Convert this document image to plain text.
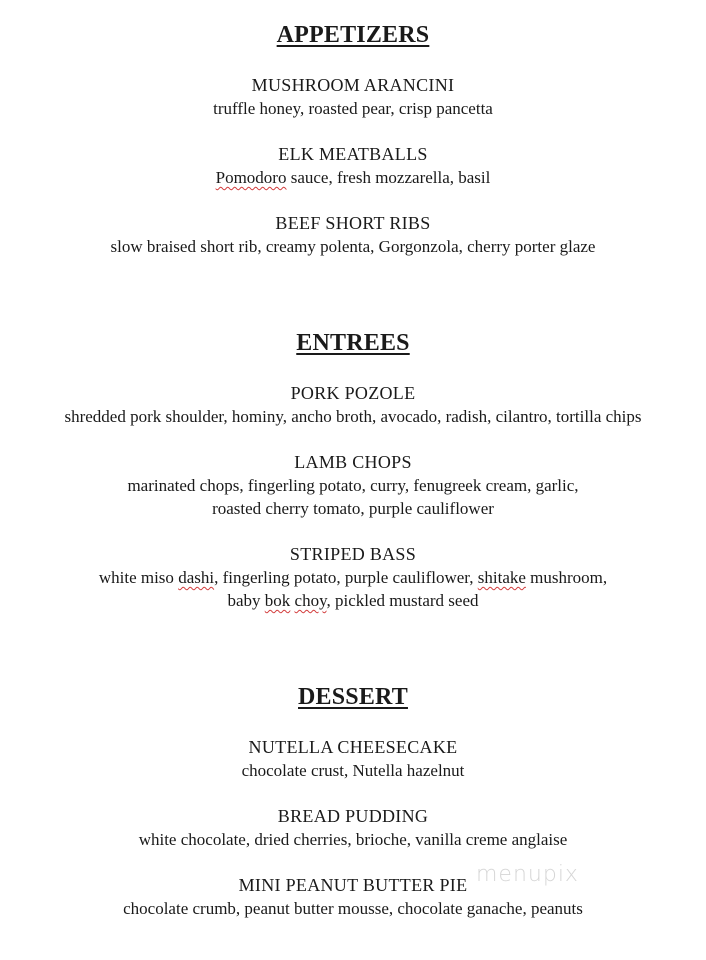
APPETIZERS
MUSHROOM ARANCINI
truffle honey, roasted pear, crisp pancetta
ELK MEATBALLS
Pomodoro sauce, fresh mozzarella, basil
BEEF SHORT RIBS
slow braised short rib, creamy polenta, Gorgonzola, cherry porter glaze
ENTREES
PORK POZOLE
shredded pork shoulder, hominy, ancho broth, avocado, radish, cilantro, tortilla chips
LAMB CHOPS
marinated chops, fingerling potato, curry, fenugreek cream, garlic,
roasted cherry tomato, purple cauliflower
STRIPED BASS
white miso dashi, fingerling potato, purple cauliflower, shitake mushroom,
baby bok choy, pickled mustard seed
DESSERT
NUTELLA CHEESECAKE
chocolate crust, Nutella hazelnut
BREAD PUDDING
white chocolate, dried cherries, brioche, vanilla creme anglaise
MINI PEANUT BUTTER PIE
chocolate crumb, peanut butter mousse, chocolate ganache, peanuts
menupix
